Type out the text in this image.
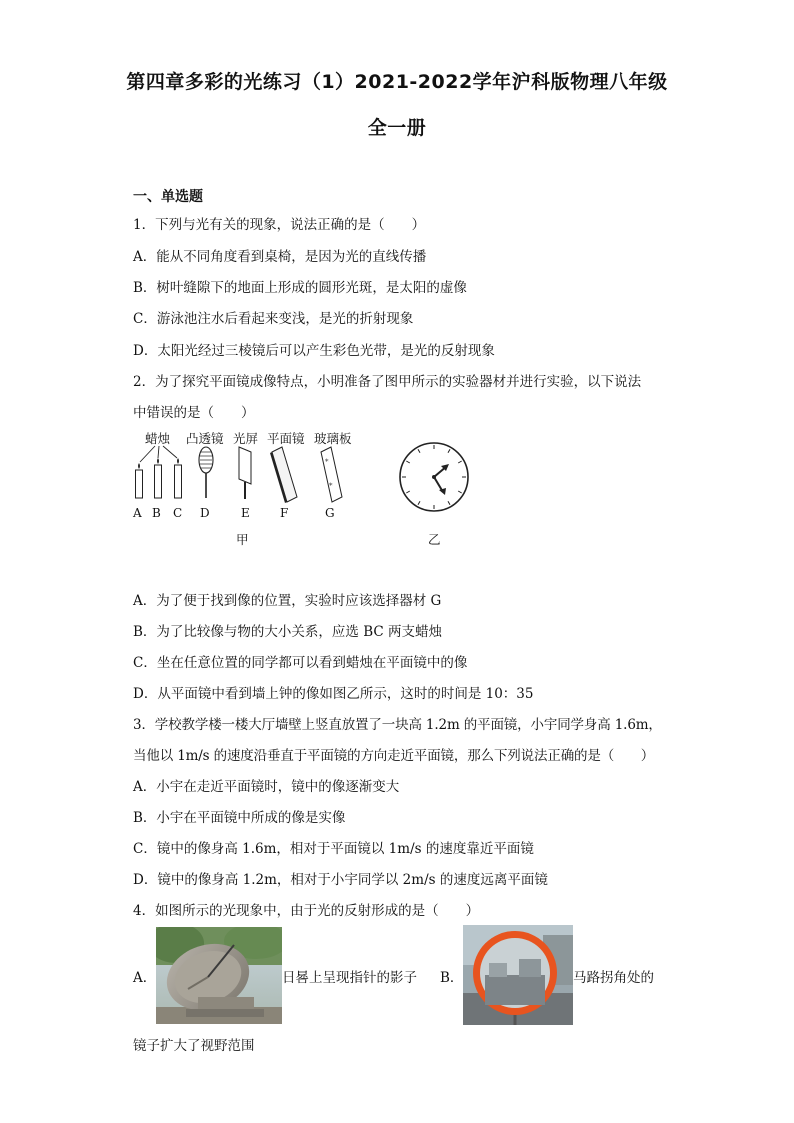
第四章多彩的光练习（1）2021-2022学年沪科版物理八年级
全一册
一、单选题
1．下列与光有关的现象，说法正确的是（　　）
A．能从不同角度看到桌椅，是因为光的直线传播
B．树叶缝隙下的地面上形成的圆形光斑，是太阳的虚像
C．游泳池注水后看起来变浅，是光的折射现象
D．太阳光经过三棱镜后可以产生彩色光带，是光的反射现象
2．为了探究平面镜成像特点，小明准备了图甲所示的实验器材并进行实验，以下说法
中错误的是（　　）
蜡烛 凸透镜 光屏 平面镜 玻璃板
*
*
A B C D	E	F	G
甲	乙
A．为了便于找到像的位置，实验时应该选择器材 G
B．为了比较像与物的大小关系，应选 BC 两支蜡烛
C．坐在任意位置的同学都可以看到蜡烛在平面镜中的像
D．从平面镜中看到墙上钟的像如图乙所示，这时的时间是 10：35
3．学校教学楼一楼大厅墙壁上竖直放置了一块高 1.2m 的平面镜，小宇同学身高 1.6m，
当他以 1m/s 的速度沿垂直于平面镜的方向走近平面镜，那么下列说法正确的是（　　）
A．小宇在走近平面镜时，镜中的像逐渐变大
B．小宇在平面镜中所成的像是实像
C．镜中的像身高 1.6m，相对于平面镜以 1m/s 的速度靠近平面镜
D．镜中的像身高 1.2m，相对于小宇同学以 2m/s 的速度远离平面镜
4．如图所示的光现象中，由于光的反射形成的是（　　）
A．	日晷上呈现指针的影子 B．	马路拐角处的
镜子扩大了视野范围
